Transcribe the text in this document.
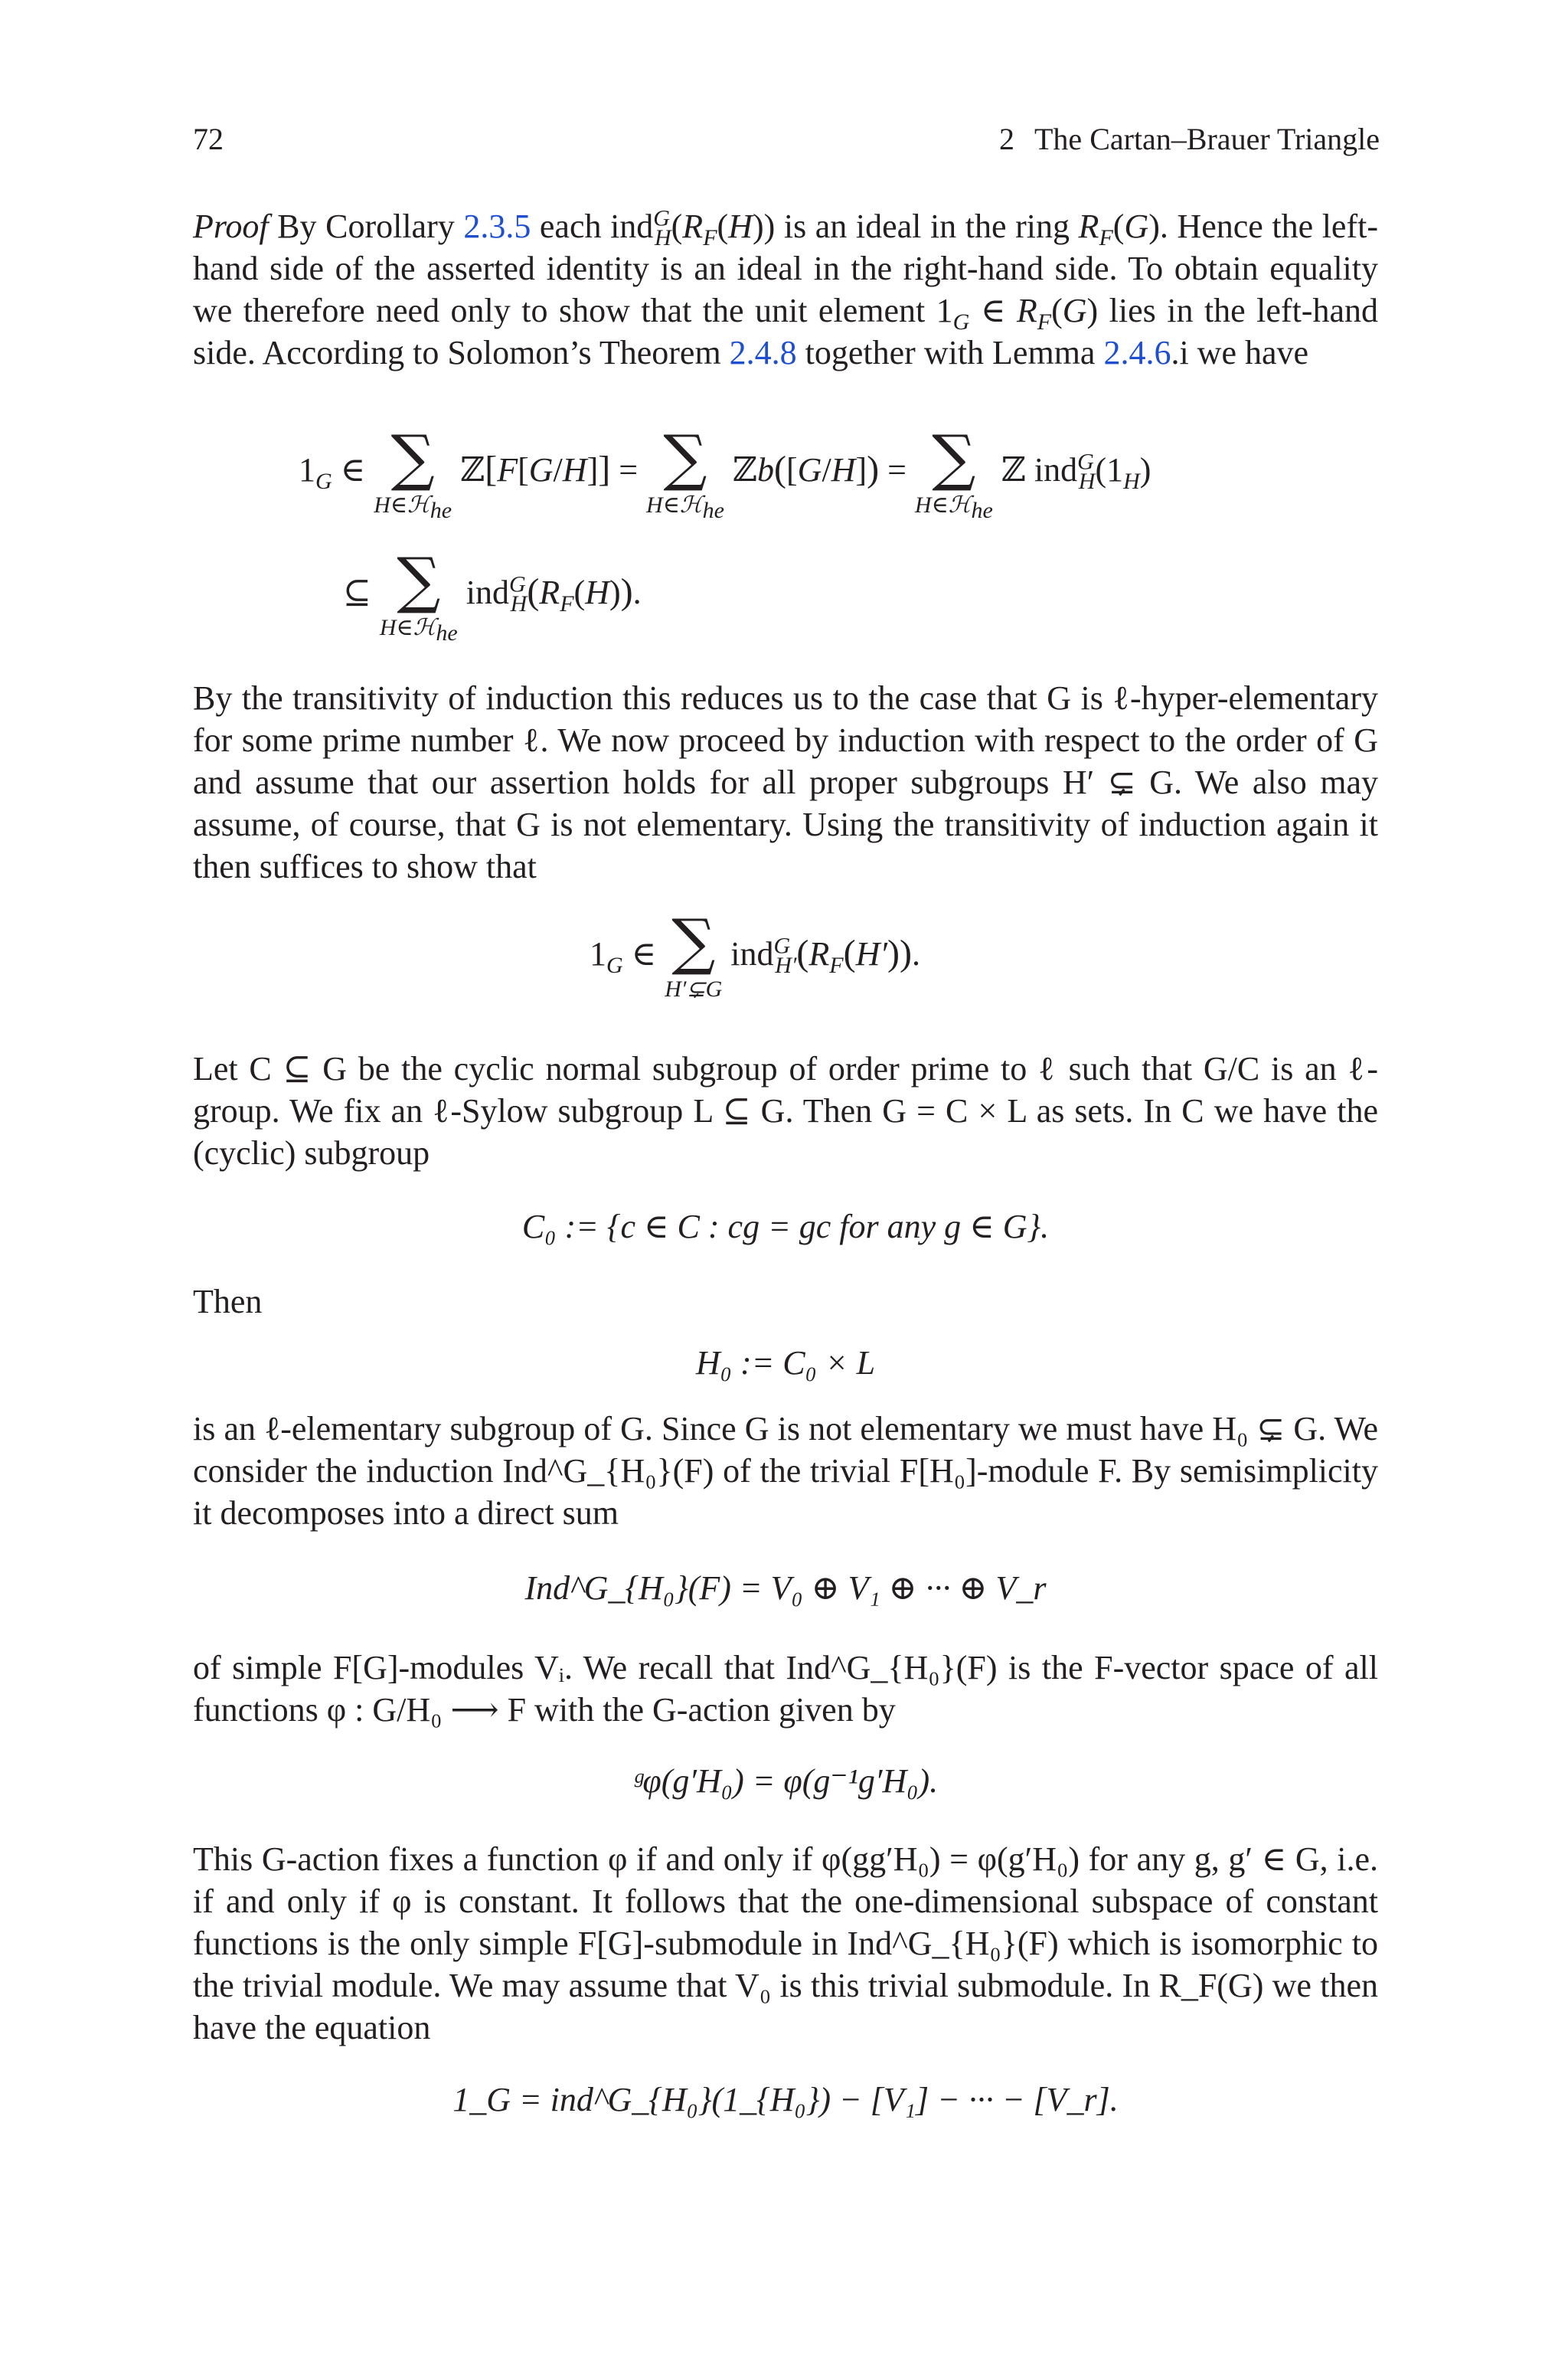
72	2 The Cartan–Brauer Triangle

Proof By Corollary 2.3.5 each $ind^G_H(R_F(H))$ is an ideal in the ring $R_F(G)$. Hence the left-hand side of the asserted identity is an ideal in the right-hand side. To obtain equality we therefore need only to show that the unit element $1_G$ ∈ $R_F(G)$ lies in the left-hand side. According to Solomon’s Theorem 2.4.8 together with Lemma 2.4.6.i we have

$1_G$ ∈ ∑
H∈ℋ$_{he}$
ℤ[F[G/H]] = ∑
H∈ℋ$_{he}$
ℤb([G/H]) = ∑
H∈ℋ$_{he}$
ℤ $ind^G_H(1_H)$
⊆ ∑
H∈ℋ$_{he}$
$ind^G_H(R_F(H))$.

By the transitivity of induction this reduces us to the case that G is ℓ-hyper-elementary for some prime number ℓ. We now proceed by induction with respect to the order of G and assume that our assertion holds for all proper subgroups H′ ⊊ G. We also may assume, of course, that G is not elementary. Using the transitivity of induction again it then suffices to show that

$1_G$ ∈ ∑
H′⊊G
$ind^G_{H'}(R_F(H'))$.

Let C ⊆ G be the cyclic normal subgroup of order prime to ℓ such that G/C is an ℓ-group. We fix an ℓ-Sylow subgroup L ⊆ G. Then G = C × L as sets. In C we have the (cyclic) subgroup

C₀ := {c ∈ C : cg = gc for any g ∈ G}.

Then

H₀ := C₀ × L

is an ℓ-elementary subgroup of G. Since G is not elementary we must have H₀ ⊊ G. We consider the induction Ind^G_{H₀}(F) of the trivial F[H₀]-module F. By semisimplicity it decomposes into a direct sum

Ind^G_{H₀}(F) = V₀ ⊕ V₁ ⊕ ··· ⊕ V_r

of simple F[G]-modules Vᵢ. We recall that Ind^G_{H₀}(F) is the F-vector space of all functions φ : G/H₀ ⟶ F with the G-action given by

ᵍφ(g′H₀) = φ(g⁻¹g′H₀).

This G-action fixes a function φ if and only if φ(gg′H₀) = φ(g′H₀) for any g, g′ ∈ G, i.e. if and only if φ is constant. It follows that the one-dimensional subspace of constant functions is the only simple F[G]-submodule in Ind^G_{H₀}(F) which is isomorphic to the trivial module. We may assume that V₀ is this trivial submodule. In R_F(G) we then have the equation

1_G = ind^G_{H₀}(1_{H₀}) − [V₁] − ··· − [V_r].
